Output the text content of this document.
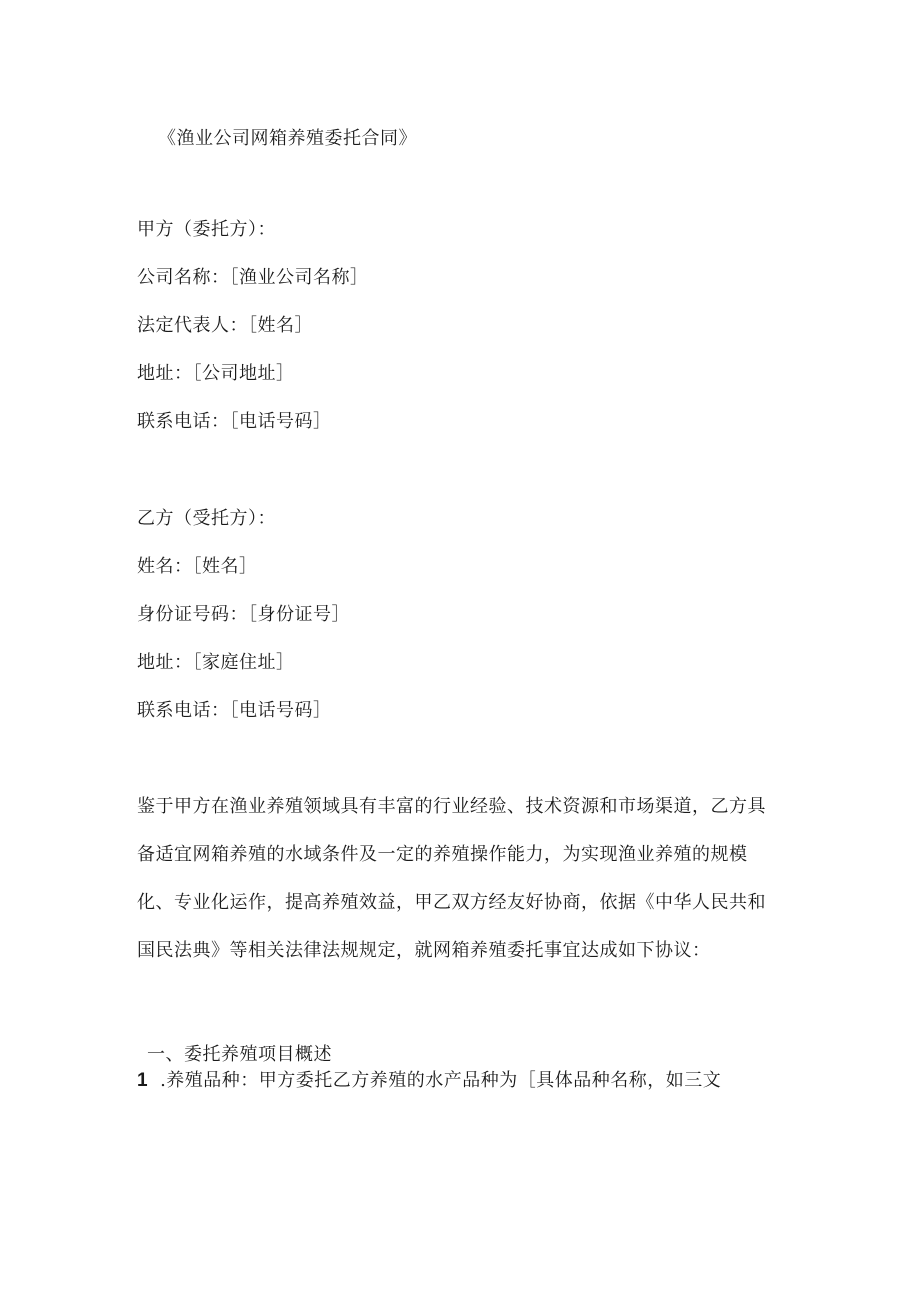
《渔业公司网箱养殖委托合同》
甲方（委托方）：
公司名称：［渔业公司名称］
法定代表人：［姓名］
地址：［公司地址］
联系电话：［电话号码］
乙方（受托方）：
姓名：［姓名］
身份证号码：［身份证号］
地址：［家庭住址］
联系电话：［电话号码］
鉴于甲方在渔业养殖领域具有丰富的行业经验、技术资源和市场渠道，乙方具
备适宜网箱养殖的水域条件及一定的养殖操作能力，为实现渔业养殖的规模
化、专业化运作，提高养殖效益，甲乙双方经友好协商，依据《中华人民共和
国民法典》等相关法律法规规定，就网箱养殖委托事宜达成如下协议：
一、委托养殖项目概述
1 .养殖品种：甲方委托乙方养殖的水产品种为［具体品种名称，如三文
